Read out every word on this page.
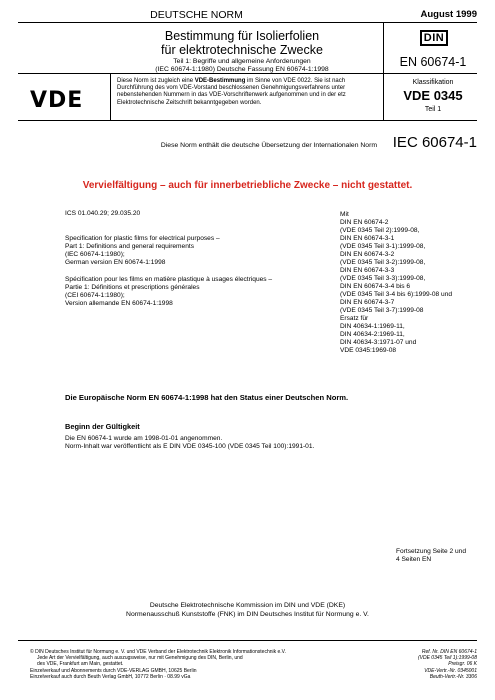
DEUTSCHE NORM	August 1999
Bestimmung für Isolierfolien
für elektrotechnische Zwecke
Teil 1: Begriffe und allgemeine Anforderungen
(IEC 60674-1:1980) Deutsche Fassung EN 60674-1:1998
DIN
EN 60674-1
VDE
Diese Norm ist zugleich eine VDE-Bestimmung im Sinne von VDE 0022. Sie ist nach Durchführung des vom VDE-Vorstand beschlossenen Genehmigungsverfahrens unter nebenstehenden Nummern in das VDE-Vorschriftenwerk aufgenommen und in der etz Elektrotechnische Zeitschrift bekanntgegeben worden.
Klassifikation
VDE 0345
Teil 1
Diese Norm enthält die deutsche Übersetzung der Internationalen Norm IEC 60674-1
Vervielfältigung – auch für innerbetriebliche Zwecke – nicht gestattet.
ICS 01.040.29; 29.035.20
Specification for plastic films for electrical purposes –
Part 1: Definitions and general requirements
(IEC 60674-1:1980);
German version EN 60674-1:1998
Spécification pour les films en matière plastique à usages électriques –
Partie 1: Définitions et prescriptions générales
(CEI 60674-1:1980);
Version allemande EN 60674-1:1998
Mit
DIN EN 60674-2
(VDE 0345 Teil 2):1999-08,
DIN EN 60674-3-1
(VDE 0345 Teil 3-1):1999-08,
DIN EN 60674-3-2
(VDE 0345 Teil 3-2):1999-08,
DIN EN 60674-3-3
(VDE 0345 Teil 3-3):1999-08,
DIN EN 60674-3-4 bis 6
(VDE 0345 Teil 3-4 bis 6):1999-08 und
DIN EN 60674-3-7
(VDE 0345 Teil 3-7):1999-08
Ersatz für
DIN 40634-1:1969-11,
DIN 40634-2:1969-11,
DIN 40634-3:1971-07 und
VDE 0345:1969-08
Die Europäische Norm EN 60674-1:1998 hat den Status einer Deutschen Norm.
Beginn der Gültigkeit
Die EN 60674-1 wurde am 1998-01-01 angenommen.
Norm-Inhalt war veröffentlicht als E DIN VDE 0345-100 (VDE 0345 Teil 100):1991-01.
Fortsetzung Seite 2 und
4 Seiten EN
Deutsche Elektrotechnische Kommission im DIN und VDE (DKE)
Normenausschuß Kunststoffe (FNK) im DIN Deutsches Institut für Normung e. V.
© DIN Deutsches Institut für Normung e. V. und VDE Verband der Elektrotechnik Elektronik Informationstechnik e.V.
Jede Art der Vervielfältigung, auch auszugsweise, nur mit Genehmigung des DIN, Berlin, und
des VDE, Frankfurt am Main, gestattet.
Einzelverkauf und Abonnements durch VDE-VERLAG GMBH, 10625 Berlin
Einzelverkauf auch durch Beuth Verlag GmbH, 10772 Berlin · 08.99 vGa
Ref. Nr. DIN EN 60674-1
(VDE 0345 Teil 1):1999-08
Preisgr. 06 K
VDE-Vertr.-Nr. 0345001
Beuth-Vertr.-Nr. 3306
